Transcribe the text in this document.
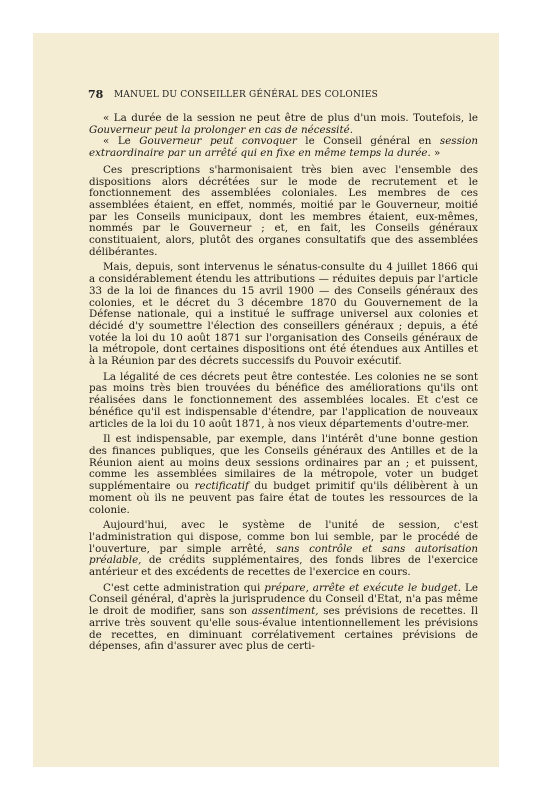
78 MANUEL DU CONSEILLER GÉNÉRAL DES COLONIES

« La durée de la session ne peut être de plus d'un mois. Toutefois, le Gouverneur peut la prolonger en cas de nécessité.

« Le Gouverneur peut convoquer le Conseil général en session extraordinaire par un arrêté qui en fixe en même temps la durée. »

Ces prescriptions s'harmonisaient très bien avec l'ensemble des dispositions alors décrétées sur le mode de recrutement et le fonctionnement des assemblées coloniales. Les membres de ces assemblées étaient, en effet, nommés, moitié par le Gouverneur, moitié par les Conseils municipaux, dont les membres étaient, eux-mêmes, nommés par le Gouverneur ; et, en fait, les Conseils généraux constituaient, alors, plutôt des organes consultatifs que des assemblées délibérantes.

Mais, depuis, sont intervenus le sénatus-consulte du 4 juillet 1866 qui a considérablement étendu les attributions — réduites depuis par l'article 33 de la loi de finances du 15 avril 1900 — des Conseils généraux des colonies, et le décret du 3 décembre 1870 du Gouvernement de la Défense nationale, qui a institué le suffrage universel aux colonies et décidé d'y soumettre l'élection des conseillers généraux ; depuis, a été votée la loi du 10 août 1871 sur l'organisation des Conseils généraux de la métropole, dont certaines dispositions ont été étendues aux Antilles et à la Réunion par des décrets successifs du Pouvoir exécutif.

La légalité de ces décrets peut être contestée. Les colonies ne se sont pas moins très bien trouvées du bénéfice des améliorations qu'ils ont réalisées dans le fonctionnement des assemblées locales. Et c'est ce bénéfice qu'il est indispensable d'étendre, par l'application de nouveaux articles de la loi du 10 août 1871, à nos vieux départements d'outre-mer.

Il est indispensable, par exemple, dans l'intérêt d'une bonne gestion des finances publiques, que les Conseils généraux des Antilles et de la Réunion aient au moins deux sessions ordinaires par an ; et puissent, comme les assemblées similaires de la métropole, voter un budget supplémentaire ou rectificatif du budget primitif qu'ils délibèrent à un moment où ils ne peuvent pas faire état de toutes les ressources de la colonie.

Aujourd'hui, avec le système de l'unité de session, c'est l'administration qui dispose, comme bon lui semble, par le procédé de l'ouverture, par simple arrêté, sans contrôle et sans autorisation préalable, de crédits supplémentaires, des fonds libres de l'exercice antérieur et des excédents de recettes de l'exercice en cours.

C'est cette administration qui prépare, arrête et exécute le budget. Le Conseil général, d'après la jurisprudence du Conseil d'Etat, n'a pas même le droit de modifier, sans son assentiment, ses prévisions de recettes. Il arrive très souvent qu'elle sous-évalue intentionnellement les prévisions de recettes, en diminuant corrélativement certaines prévisions de dépenses, afin d'assurer avec plus de certi-
